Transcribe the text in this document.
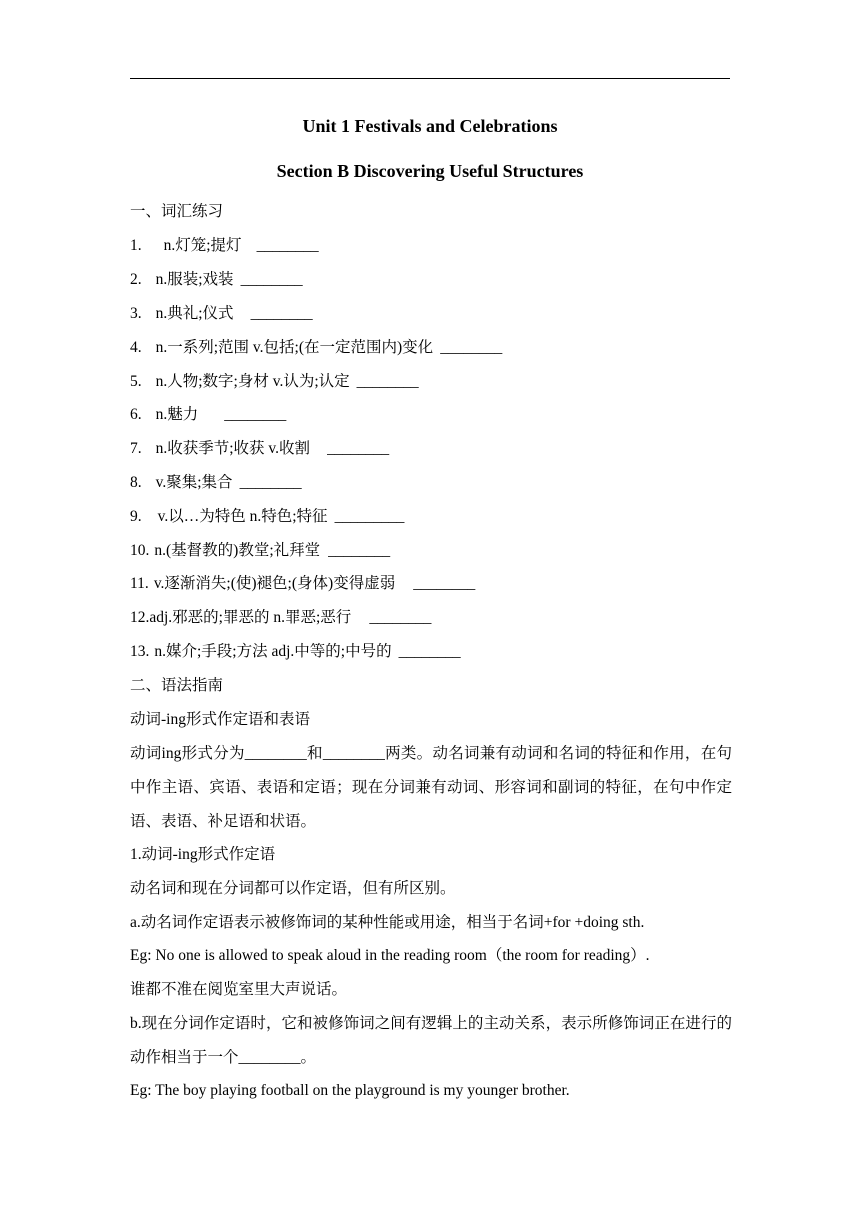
Unit 1 Festivals and Celebrations
Section B Discovering Useful Structures
一、词汇练习
1. n.灯笼;提灯 ________
2. n.服装;戏装 ________
3. n.典礼;仪式 ________
4. n.一系列;范围 v.包括;(在一定范围内)变化 ________
5. n.人物;数字;身材 v.认为;认定 ________
6. n.魅力 ________
7. n.收获季节;收获 v.收割 ________
8. v.聚集;集合 ________
9. v.以…为特色 n.特色;特征 _________
10. n.(基督教的)教堂;礼拜堂 ________
11. v.逐渐消失;(使)褪色;(身体)变得虚弱 ________
12.adj.邪恶的;罪恶的 n.罪恶;恶行 ________
13. n.媒介;手段;方法 adj.中等的;中号的 ________
二、语法指南
动词-ing形式作定语和表语
动词ing形式分为________和________两类。动名词兼有动词和名词的特征和作用，在句中作主语、宾语、表语和定语；现在分词兼有动词、形容词和副词的特征，在句中作定语、表语、补足语和状语。
1.动词-ing形式作定语
动名词和现在分词都可以作定语，但有所区别。
a.动名词作定语表示被修饰词的某种性能或用途，相当于名词+for +doing sth.
Eg: No one is allowed to speak aloud in the reading room（the room for reading）.
谁都不准在阅览室里大声说话。
b.现在分词作定语时，它和被修饰词之间有逻辑上的主动关系，表示所修饰词正在进行的动作相当于一个________。
Eg: The boy playing football on the playground is my younger brother.
